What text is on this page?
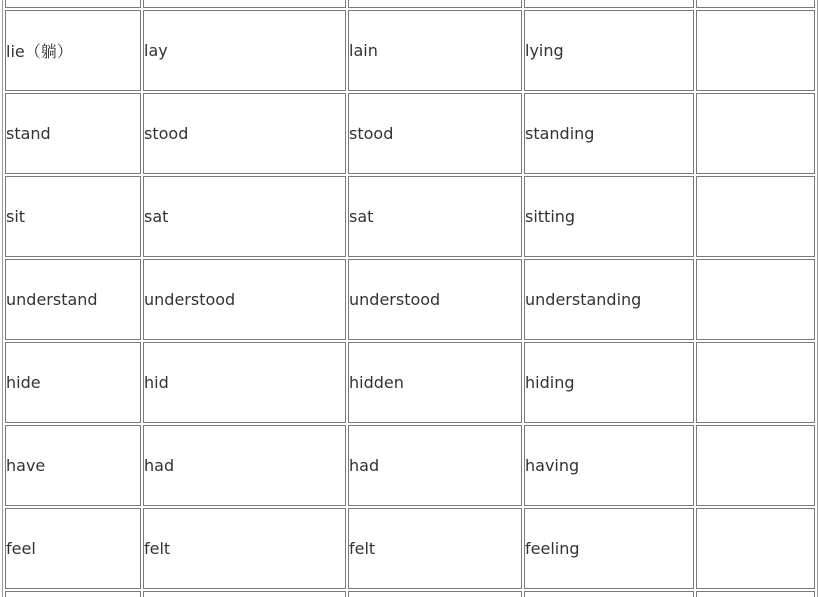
lie（躺）	lay	lain	lying	
stand	stood	stood	standing	
sit	sat	sat	sitting	
understand	understood	understood	understanding	
hide	hid	hidden	hiding	
have	had	had	having	
feel	felt	felt	feeling	
